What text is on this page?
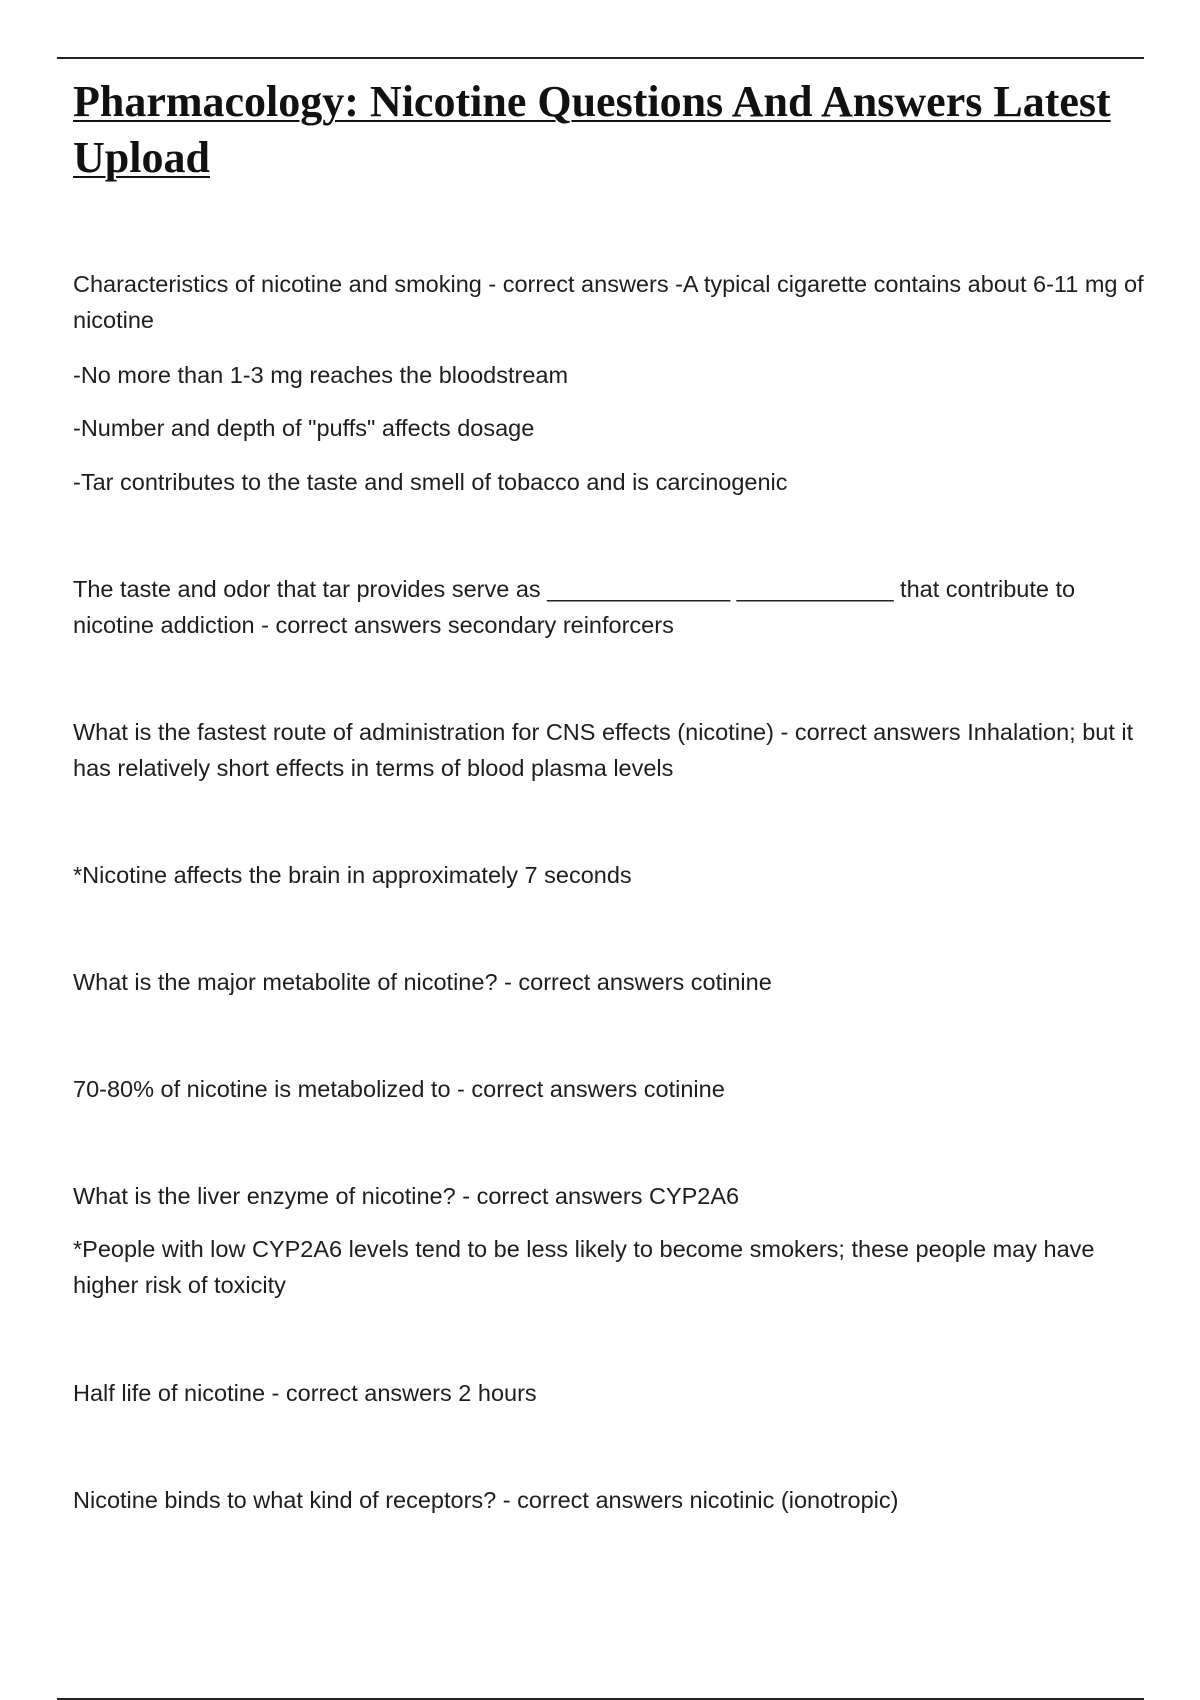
Pharmacology: Nicotine Questions And Answers Latest Upload

Characteristics of nicotine and smoking - correct answers -A typical cigarette contains about 6-11 mg of nicotine

-No more than 1-3 mg reaches the bloodstream

-Number and depth of "puffs" affects dosage

-Tar contributes to the taste and smell of tobacco and is carcinogenic

The taste and odor that tar provides serve as ______________ ____________ that contribute to nicotine addiction - correct answers secondary reinforcers

What is the fastest route of administration for CNS effects (nicotine) - correct answers Inhalation; but it has relatively short effects in terms of blood plasma levels

*Nicotine affects the brain in approximately 7 seconds

What is the major metabolite of nicotine? - correct answers cotinine

70-80% of nicotine is metabolized to - correct answers cotinine

What is the liver enzyme of nicotine? - correct answers CYP2A6

*People with low CYP2A6 levels tend to be less likely to become smokers; these people may have higher risk of toxicity

Half life of nicotine - correct answers 2 hours

Nicotine binds to what kind of receptors? - correct answers nicotinic (ionotropic)
